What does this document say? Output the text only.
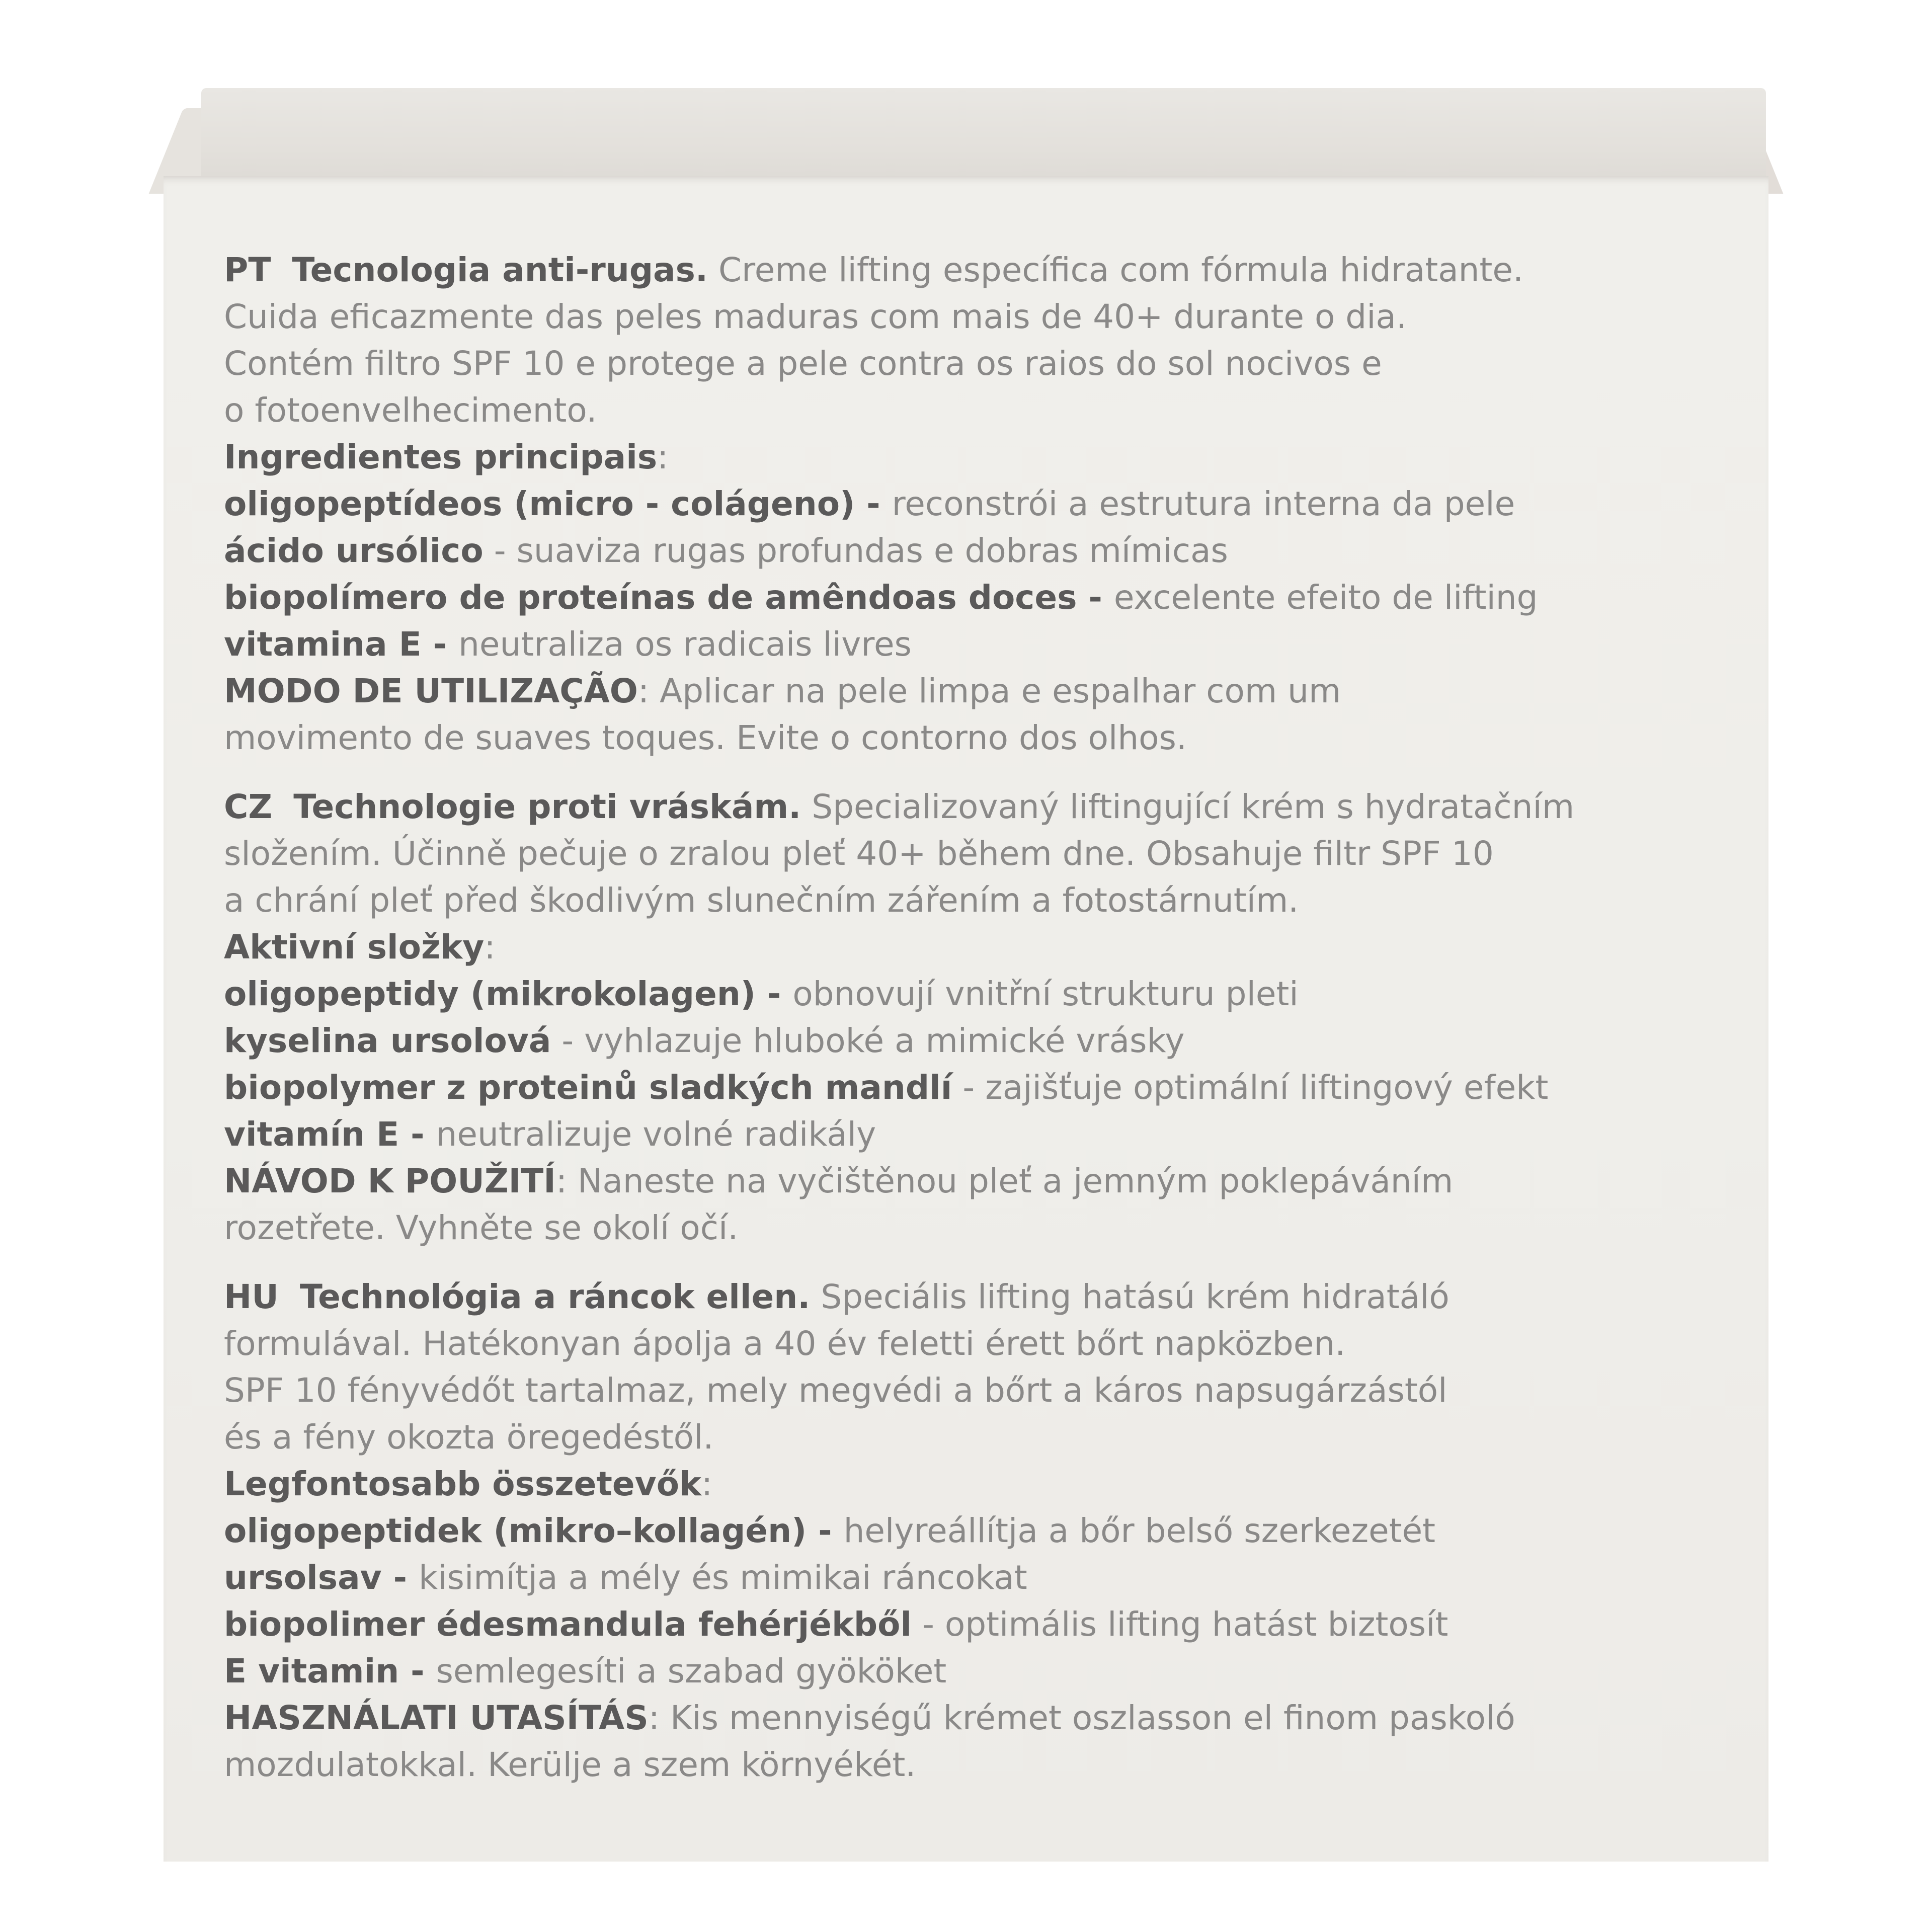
PT Tecnologia anti-rugas. Creme lifting específica com fórmula hidratante.
Cuida eficazmente das peles maduras com mais de 40+ durante o dia.
Contém filtro SPF 10 e protege a pele contra os raios do sol nocivos e
o fotoenvelhecimento.
Ingredientes principais:
oligopeptídeos (micro - colágeno) - reconstrói a estrutura interna da pele
ácido ursólico - suaviza rugas profundas e dobras mímicas
biopolímero de proteínas de amêndoas doces - excelente efeito de lifting
vitamina E - neutraliza os radicais livres
MODO DE UTILIZAÇÃO: Aplicar na pele limpa e espalhar com um
movimento de suaves toques. Evite o contorno dos olhos.

CZ Technologie proti vráskám. Specializovaný liftingující krém s hydratačním
složením. Účinně pečuje o zralou pleť 40+ během dne. Obsahuje filtr SPF 10
a chrání pleť před škodlivým slunečním zářením a fotostárnutím.
Aktivní složky:
oligopeptidy (mikrokolagen) - obnovují vnitřní strukturu pleti
kyselina ursolová - vyhlazuje hluboké a mimické vrásky
biopolymer z proteinů sladkých mandlí - zajišťuje optimální liftingový efekt
vitamín E - neutralizuje volné radikály
NÁVOD K POUŽITÍ: Naneste na vyčištěnou pleť a jemným poklepáváním
rozetřete. Vyhněte se okolí očí.

HU Technológia a ráncok ellen. Speciális lifting hatású krém hidratáló
formulával. Hatékonyan ápolja a 40 év feletti érett bőrt napközben.
SPF 10 fényvédőt tartalmaz, mely megvédi a bőrt a káros napsugárzástól
és a fény okozta öregedéstől.
Legfontosabb összetevők:
oligopeptidek (mikro–kollagén) - helyreállítja a bőr belső szerkezetét
ursolsav - kisimítja a mély és mimikai ráncokat
biopolimer édesmandula fehérjékből - optimális lifting hatást biztosít
E vitamin - semlegesíti a szabad gyököket
HASZNÁLATI UTASÍTÁS: Kis mennyiségű krémet oszlasson el finom paskoló
mozdulatokkal. Kerülje a szem környékét.
